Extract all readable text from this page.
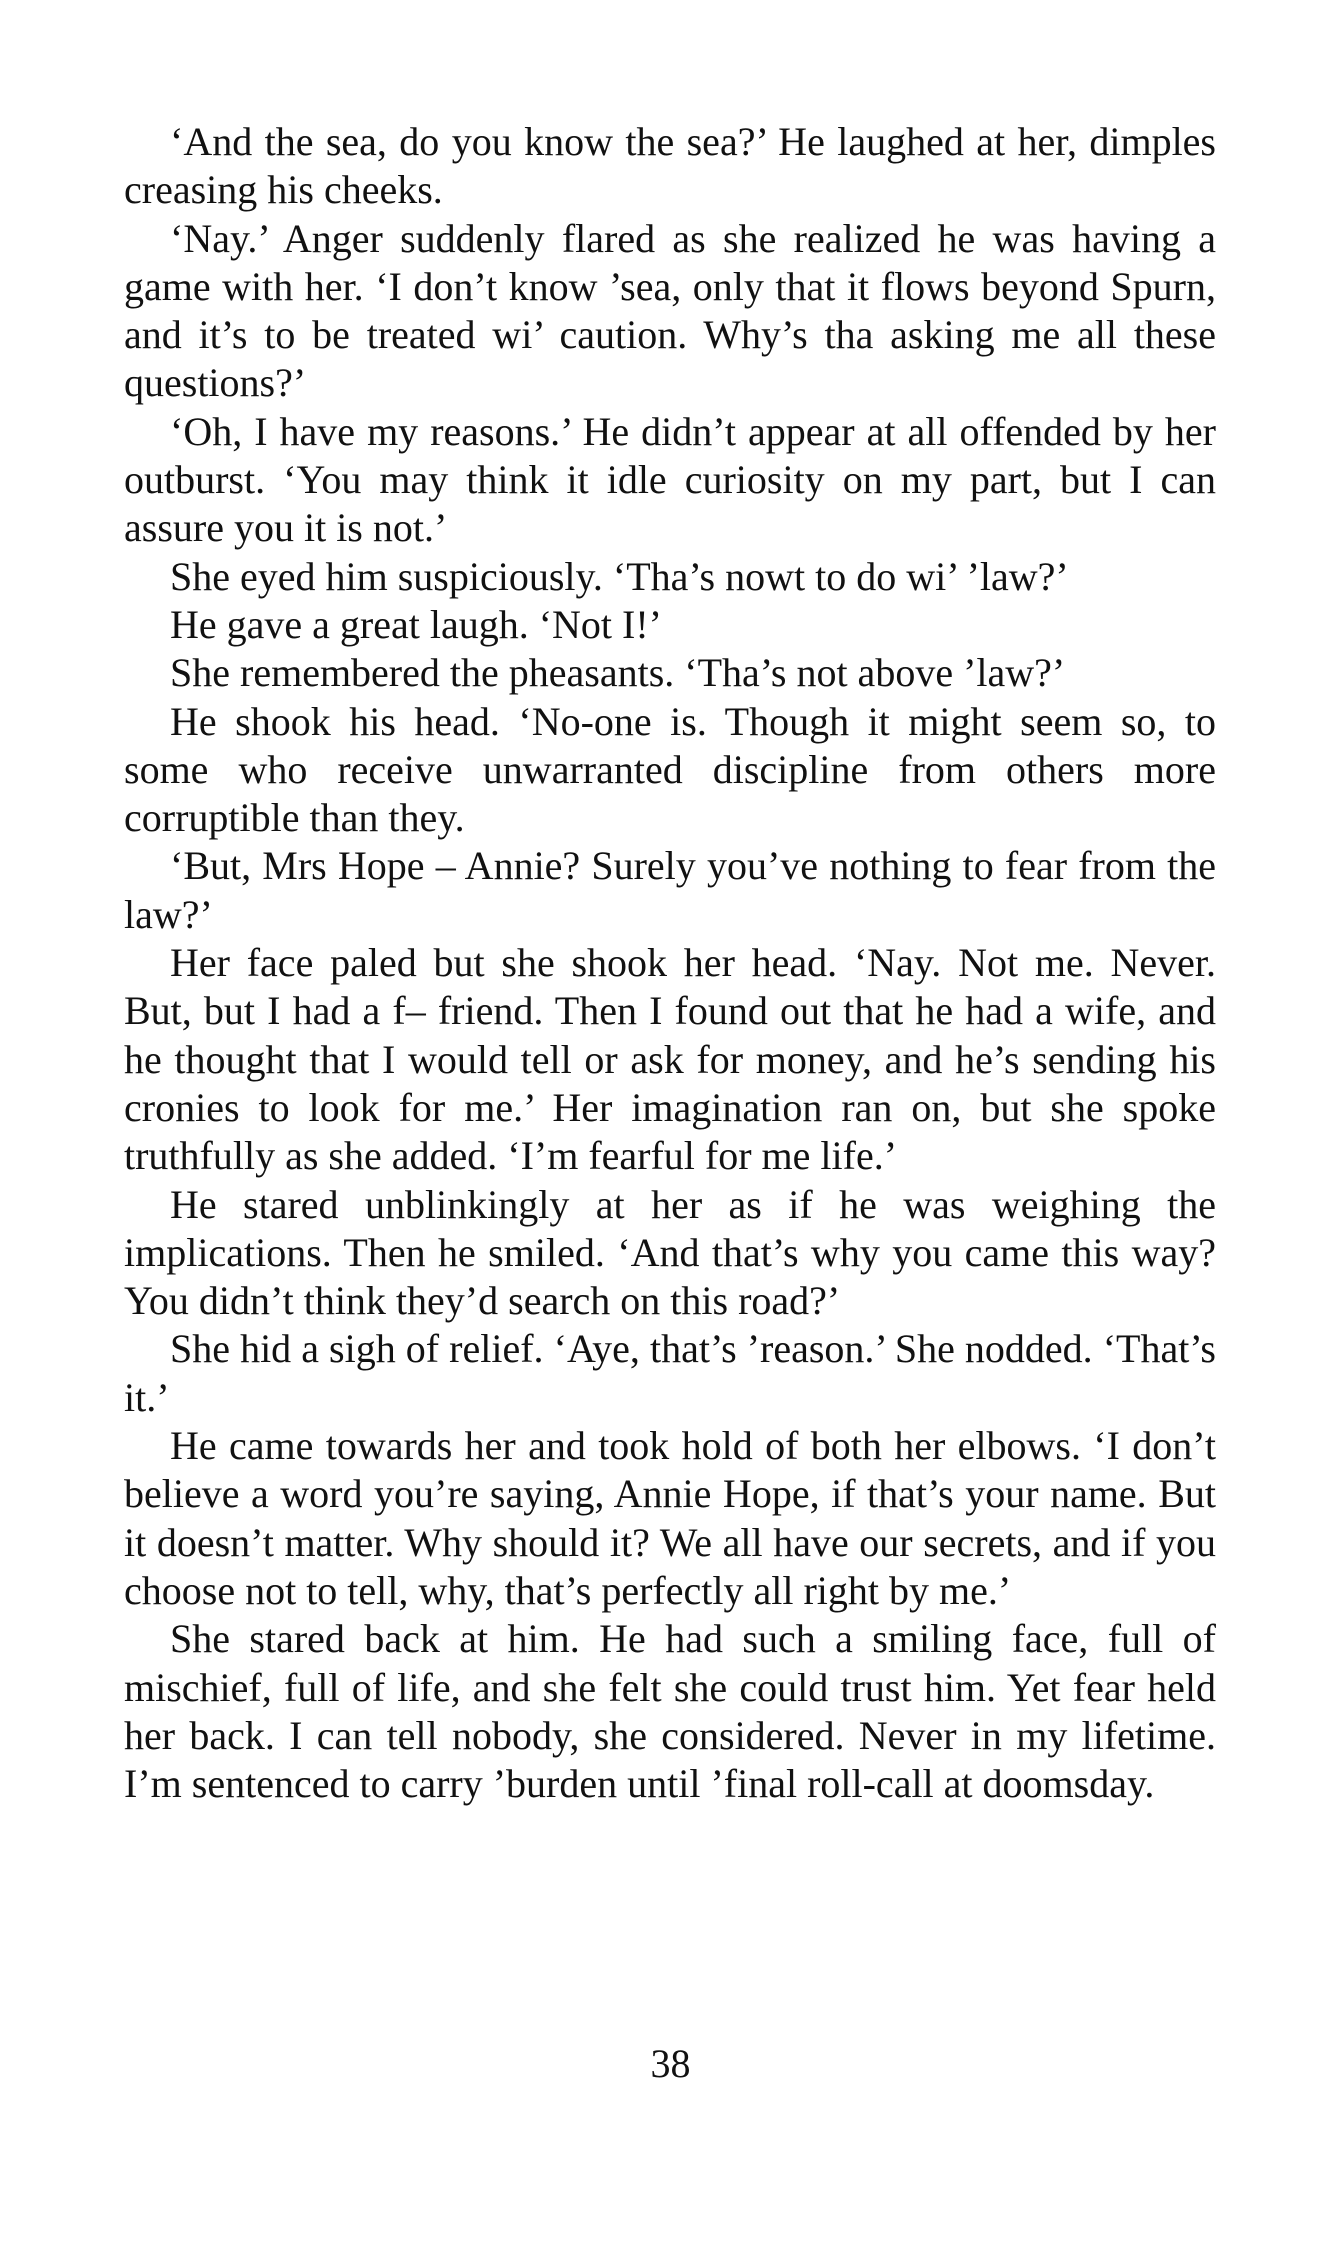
‘And the sea, do you know the sea?’ He laughed at her, dimples creasing his cheeks.

‘Nay.’ Anger suddenly flared as she realized he was having a game with her. ‘I don’t know ’sea, only that it flows beyond Spurn, and it’s to be treated wi’ caution. Why’s tha asking me all these questions?’

‘Oh, I have my reasons.’ He didn’t appear at all offended by her outburst. ‘You may think it idle curiosity on my part, but I can assure you it is not.’

She eyed him suspiciously. ‘Tha’s nowt to do wi’ ’law?’

He gave a great laugh. ‘Not I!’

She remembered the pheasants. ‘Tha’s not above ’law?’

He shook his head. ‘No-one is. Though it might seem so, to some who receive unwarranted discipline from others more corruptible than they.

‘But, Mrs Hope – Annie? Surely you’ve nothing to fear from the law?’

Her face paled but she shook her head. ‘Nay. Not me. Never. But, but I had a f– friend. Then I found out that he had a wife, and he thought that I would tell or ask for money, and he’s sending his cronies to look for me.’ Her imagination ran on, but she spoke truthfully as she added. ‘I’m fearful for me life.’

He stared unblinkingly at her as if he was weighing the implications. Then he smiled. ‘And that’s why you came this way? You didn’t think they’d search on this road?’

She hid a sigh of relief. ‘Aye, that’s ’reason.’ She nodded. ‘That’s it.’

He came towards her and took hold of both her elbows. ‘I don’t believe a word you’re saying, Annie Hope, if that’s your name. But it doesn’t matter. Why should it? We all have our secrets, and if you choose not to tell, why, that’s perfectly all right by me.’

She stared back at him. He had such a smiling face, full of mischief, full of life, and she felt she could trust him. Yet fear held her back. I can tell nobody, she considered. Never in my lifetime. I’m sentenced to carry ’burden until ’final roll-call at doomsday.

38
